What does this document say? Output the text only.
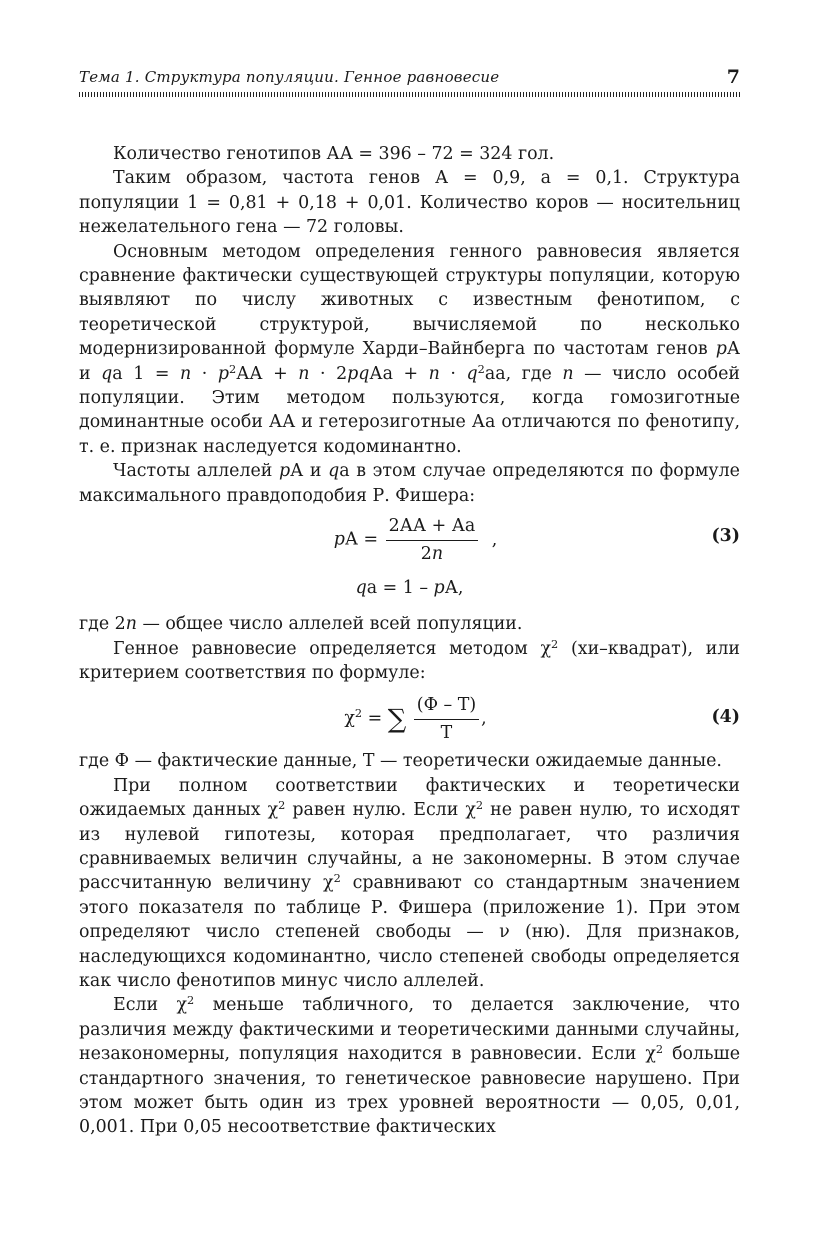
Тема 1. Структура популяции. Генное равновесие	7

Количество генотипов АА = 396 – 72 = 324 гол.

Таким образом, частота генов А = 0,9, а = 0,1. Структура популяции 1 = 0,81 + 0,18 + 0,01. Количество коров — носительниц нежелательного гена — 72 головы.

Основным методом определения генного равновесия является сравнение фактически существующей структуры популяции, которую выявляют по числу животных с известным фенотипом, с теоретической структурой, вычисляемой по несколько модернизированной формуле Харди–Вайнберга по частотам генов pА и qа $1 = n \cdot p^2АА + n$ · 2pqАа + $n \cdot q^2аа$, где n — число особей популяции. Этим методом пользуются, когда гомозиготные доминантные особи АА и гетерозиготные Аа отличаются по фенотипу, т. е. признак наследуется кодоминантно.

Частоты аллелей pА и qа в этом случае определяются по формуле максимального правдоподобия Р. Фишера:

pА = $\frac{2АА + Аа}{2n}$ ,	(3)
qа = 1 – pА,

где 2n — общее число аллелей всей популяции.

Генное равновесие определяется методом $\chi^2$ (хи–квадрат), или критерием соответствия по формуле:

$\chi^2$ = ∑ $\frac{(Ф - Т)}{Т}$ ,	(4)

где Ф — фактические данные, Т — теоретически ожидаемые данные.

При полном соответствии фактических и теоретически ожидаемых данных $\chi^2$ равен нулю. Если $\chi^2$ не равен нулю, то исходят из нулевой гипотезы, которая предполагает, что различия сравниваемых величин случайны, а не закономерны. В этом случае рассчитанную величину $\chi^2$ сравнивают со стандартным значением этого показателя по таблице Р. Фишера (приложение 1). При этом определяют число степеней свободы — ν (ню). Для признаков, наследующихся кодоминантно, число степеней свободы определяется как число фенотипов минус число аллелей.

Если $\chi^2$ меньше табличного, то делается заключение, что различия между фактическими и теоретическими данными случайны, незакономерны, популяция находится в равновесии. Если $\chi^2$ больше стандартного значения, то генетическое равновесие нарушено. При этом может быть один из трех уровней вероятности — 0,05, 0,01, 0,001. При 0,05 несоответствие фактических
